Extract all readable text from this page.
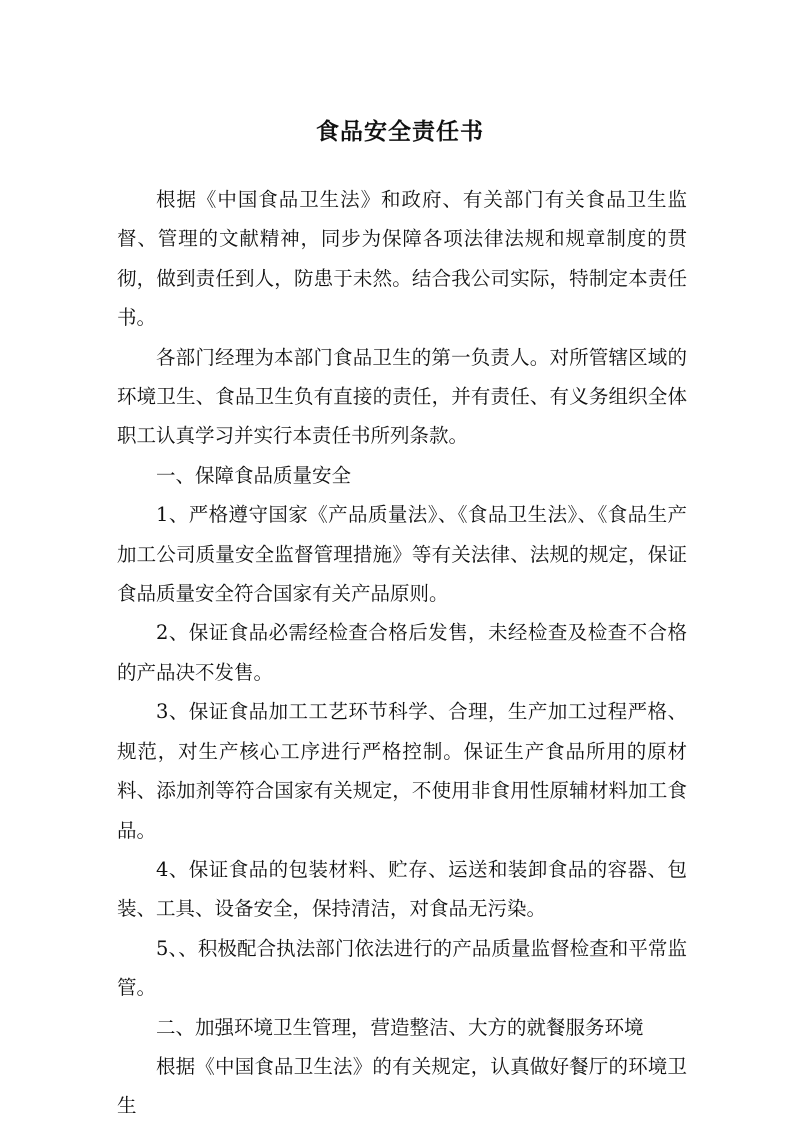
食品安全责任书

根据《中国食品卫生法》和政府、有关部门有关食品卫生监督、管理的文献精神，同步为保障各项法律法规和规章制度的贯彻，做到责任到人，防患于未然。结合我公司实际，特制定本责任书。

各部门经理为本部门食品卫生的第一负责人。对所管辖区域的环境卫生、食品卫生负有直接的责任，并有责任、有义务组织全体职工认真学习并实行本责任书所列条款。

一、保障食品质量安全

1、严格遵守国家《产品质量法》、《食品卫生法》、《食品生产加工公司质量安全监督管理措施》等有关法律、法规的规定，保证食品质量安全符合国家有关产品原则。

2、保证食品必需经检查合格后发售，未经检查及检查不合格的产品决不发售。

3、保证食品加工工艺环节科学、合理，生产加工过程严格、规范，对生产核心工序进行严格控制。保证生产食品所用的原材料、添加剂等符合国家有关规定，不使用非食用性原辅材料加工食品。

4、保证食品的包装材料、贮存、运送和装卸食品的容器、包装、工具、设备安全，保持清洁，对食品无污染。

5、、积极配合执法部门依法进行的产品质量监督检查和平常监管。

二、加强环境卫生管理，营造整洁、大方的就餐服务环境

根据《中国食品卫生法》的有关规定，认真做好餐厅的环境卫生
